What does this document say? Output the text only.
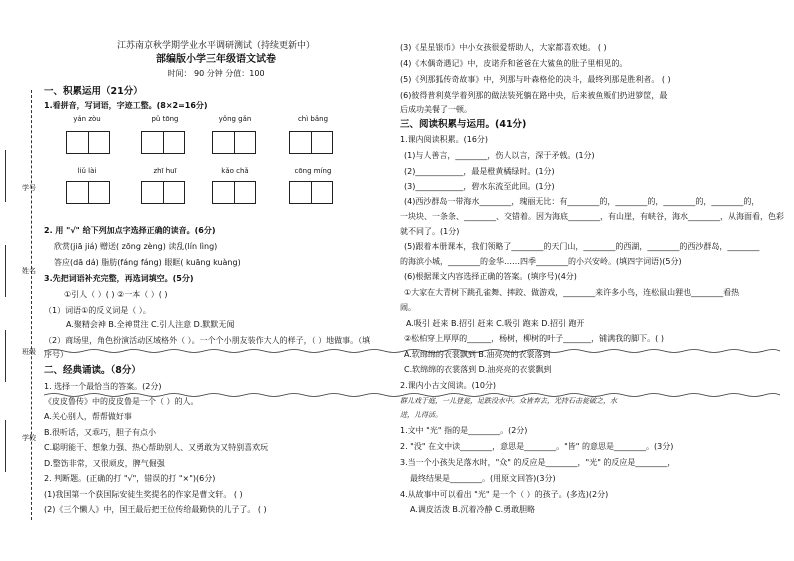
学号
姓名
班级
学校
江苏南京秋学期学业水平调研测试（持续更新中）
部编版小学三年级语文试卷
时间： 90 分钟 分值：100
一、积累运用（21分）
1.看拼音，写词语，字迹工整。(8×2=16分)
yán zòu	pǔ tōng	yǒng gǎn	chì bǎng
liǔ lài	zhī huī	kǎo chǎ	cōng míng
2. 用 "√" 给下列加点字选择正确的读音。(6分)
欣赏(jiā jiá) 赠送( zōng zèng) 读乱(lín lìng)
答应(dā dá) 脂肪(fáng fáng) 眼眶( kuāng kuàng)
3.先把词语补充完整，再选词填空。(5分)
①引人（ ）( ) ②一本（ ）( )
（1）词语①的反义词是（ ）。
A.聚精会神 B.全神贯注 C.引人注意 D.默默无闻
（2）商场里，角色扮演活动区域格外（ ）。一个个小朋友装作大人的样子，（ ）地做事。（填
序号）
二、经典诵读。（8分）
1. 选择一个最恰当的答案。(2分)
《皮皮鲁传》中的皮皮鲁是一个（ ）的人。
A.关心别人，帮帮做好事
B.很听话，又乖巧，胆子有点小
C.聪明能干、想象力强、热心帮助别人、又勇敢为又特别喜欢玩
D.整饬非常，又很顽皮，脾气倔强
2. 判断题。(正确的打 "√"，错误的打 "×")(6分)
(1)我国第一个获国际安徒生奖提名的作家是曹文轩。 ( )
(2)《三个懒人》中，国王最后把王位传给最勤快的儿子了。 ( )
(3)《星星银币》中小女孩很爱帮助人，大家都喜欢她。 ( )
(4)《木偶奇遇记》中，皮诺乔和爸爸在大鲨鱼的肚子里相见的。
(5)《列那狐传奇故事》中，列那与叶森格伦的决斗，最终列那是胜利者。 ( )
(6)彼得普利莫学着列那的做法装死躺在路中央，后来被鱼贩们扔进箩筐，最
后成功美餐了一顿。
三、阅读积累与运用。(41分)
1.课内阅读积累。(16分)
(1)与人善言，________，伤人以言，深于矛戟。(1分)
(2)____________，最是橙黄橘绿时。(1分)
(3)____________，碧水东流至此回。(1分)
(4)西沙群岛一带海水________，瑰丽无比：有________的，________的，________的，________的，
一块块、一条条、________、交错着。因为海底________，有山崖，有峡谷，海水________，从海面看，色彩
就不同了。(1分)
(5)跟着本册课本，我们领略了________的天门山，________的西湖，________的西沙群岛，________
的海滨小城，________的金华……四季________的小兴安岭。(填四字词语)(5分)
(6)根据课文内容选择正确的答案。(填序号)(4分)
①大家在大青树下跳孔雀舞、摔跤、做游戏，________来许多小鸟，连松鼠山狸也________看热
闹。
A.吸引 赶来 B.招引 赶来 C.吸引 跑来 D.招引 跑开
②松柏穿上厚厚的______，杨树，柳树的叶子_______，铺满我的脚下。( )
A.软绵绵的衣裳飘到 B.油亮亮的衣裳落到
C.软绵绵的衣裳落到 D.油亮亮的衣裳飘到
2.课内小古文阅读。(10分)
群儿戏于庭，一儿登瓮，足跌没水中。众皆弃去，光持石击瓮破之，水
迸，儿得活。
1.文中 "光" 指的是________。(2分)
2. "没" 在文中读________，意思是________。"皆" 的意思是________。(3分)
3.当一个小孩失足落水时，"众" 的反应是________，"光" 的反应是________，
最终结果是________。(用原文回答)(3分)
4.从故事中可以看出 "光" 是一个（ ）的孩子。(多选)(2分)
A.调皮活泼 B.沉着冷静 C.勇敢胆略
